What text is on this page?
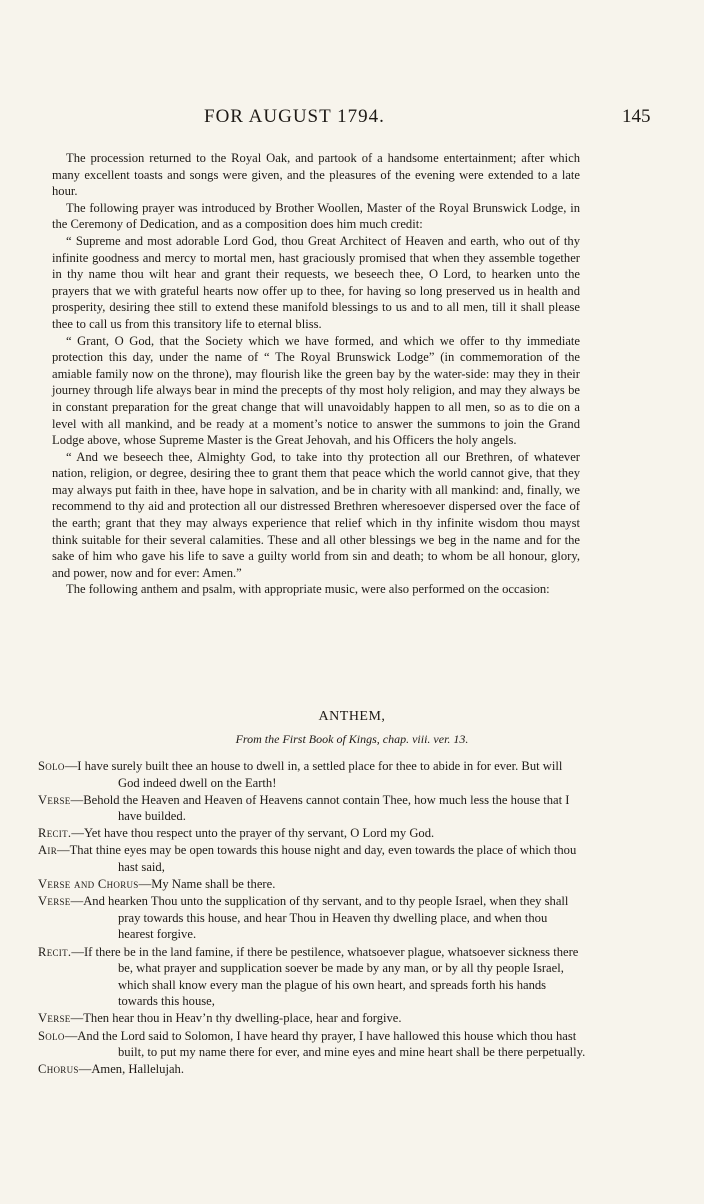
FOR AUGUST 1794.	145

The procession returned to the Royal Oak, and partook of a handsome entertainment; after which many excellent toasts and songs were given, and the pleasures of the evening were extended to a late hour.

The following prayer was introduced by Brother Woollen, Master of the Royal Brunswick Lodge, in the Ceremony of Dedication, and as a composition does him much credit:

“ Supreme and most adorable Lord God, thou Great Architect of Heaven and earth, who out of thy infinite goodness and mercy to mortal men, hast graciously promised that when they assemble together in thy name thou wilt hear and grant their requests, we beseech thee, O Lord, to hearken unto the prayers that we with grateful hearts now offer up to thee, for having so long preserved us in health and prosperity, desiring thee still to extend these manifold blessings to us and to all men, till it shall please thee to call us from this transitory life to eternal bliss.

“ Grant, O God, that the Society which we have formed, and which we offer to thy immediate protection this day, under the name of “ The Royal Brunswick Lodge” (in commemoration of the amiable family now on the throne), may flourish like the green bay by the water-side: may they in their journey through life always bear in mind the precepts of thy most holy religion, and may they always be in constant preparation for the great change that will unavoidably happen to all men, so as to die on a level with all mankind, and be ready at a moment’s notice to answer the summons to join the Grand Lodge above, whose Supreme Master is the Great Jehovah, and his Officers the holy angels.

“ And we beseech thee, Almighty God, to take into thy protection all our Brethren, of whatever nation, religion, or degree, desiring thee to grant them that peace which the world cannot give, that they may always put faith in thee, have hope in salvation, and be in charity with all mankind: and, finally, we recommend to thy aid and protection all our distressed Brethren wheresoever dispersed over the face of the earth; grant that they may always experience that relief which in thy infinite wisdom thou mayst think suitable for their several calamities. These and all other blessings we beg in the name and for the sake of him who gave his life to save a guilty world from sin and death; to whom be all honour, glory, and power, now and for ever: Amen.”

The following anthem and psalm, with appropriate music, were also performed on the occasion:

ANTHEM,
From the First Book of Kings, chap. viii. ver. 13.
Solo—I have surely built thee an house to dwell in, a settled place for thee to abide in for ever. But will God indeed dwell on the Earth!
Verse—Behold the Heaven and Heaven of Heavens cannot contain Thee, how much less the house that I have builded.
Recit.—Yet have thou respect unto the prayer of thy servant, O Lord my God.
Air—That thine eyes may be open towards this house night and day, even towards the place of which thou hast said,
Verse and Chorus—My Name shall be there.
Verse—And hearken Thou unto the supplication of thy servant, and to thy people Israel, when they shall pray towards this house, and hear Thou in Heaven thy dwelling place, and when thou hearest forgive.
Recit.—If there be in the land famine, if there be pestilence, whatsoever plague, whatsoever sickness there be, what prayer and supplication soever be made by any man, or by all thy people Israel, which shall know every man the plague of his own heart, and spreads forth his hands towards this house,
Verse—Then hear thou in Heav’n thy dwelling-place, hear and forgive.
Solo—And the Lord said to Solomon, I have heard thy prayer, I have hallowed this house which thou hast built, to put my name there for ever, and mine eyes and mine heart shall be there perpetually.
Chorus—Amen, Hallelujah.
